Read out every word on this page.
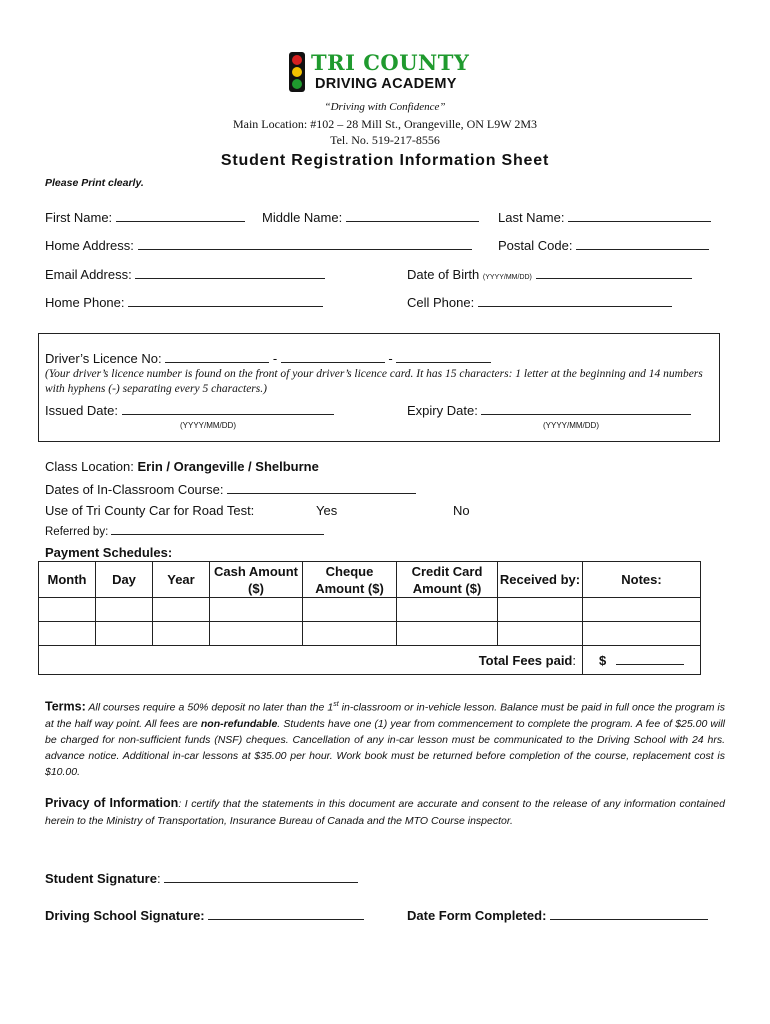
TRI COUNTY
DRIVING ACADEMY
“Driving with Confidence”
Main Location: #102 – 28 Mill St., Orangeville, ON L9W 2M3
Tel. No. 519-217-8556
Student Registration Information Sheet
Please Print clearly.
First Name:	Middle Name:	Last Name:
Home Address:	Postal Code:
Email Address:	Date of Birth (YYYY/MM/DD)
Home Phone:	Cell Phone:
Driver’s Licence No:	-	-
(Your driver’s licence number is found on the front of your driver’s licence card. It has 15 characters: 1 letter at the beginning and 14 numbers with hyphens (-) separating every 5 characters.)
Issued Date:	Expiry Date:
(YYYY/MM/DD)	(YYYY/MM/DD)
Class Location: Erin / Orangeville / Shelburne
Dates of In-Classroom Course:
Use of Tri County Car for Road Test:	Yes	No
Referred by:
Payment Schedules:
Month	Day	Year	Cash Amount ($)	Cheque Amount ($)	Credit Card Amount ($)	Received by:	Notes:

Total Fees paid:							$
Terms: All courses require a 50% deposit no later than the 1st in-classroom or in-vehicle lesson. Balance must be paid in full once the program is at the half way point. All fees are non-refundable. Students have one (1) year from commencement to complete the program. A fee of $25.00 will be charged for non-sufficient funds (NSF) cheques. Cancellation of any in-car lesson must be communicated to the Driving School with 24 hrs. advance notice. Additional in-car lessons at $35.00 per hour. Work book must be returned before completion of the course, replacement cost is $10.00.
Privacy of Information: I certify that the statements in this document are accurate and consent to the release of any information contained herein to the Ministry of Transportation, Insurance Bureau of Canada and the MTO Course inspector.
Student Signature:
Driving School Signature:	Date Form Completed:
